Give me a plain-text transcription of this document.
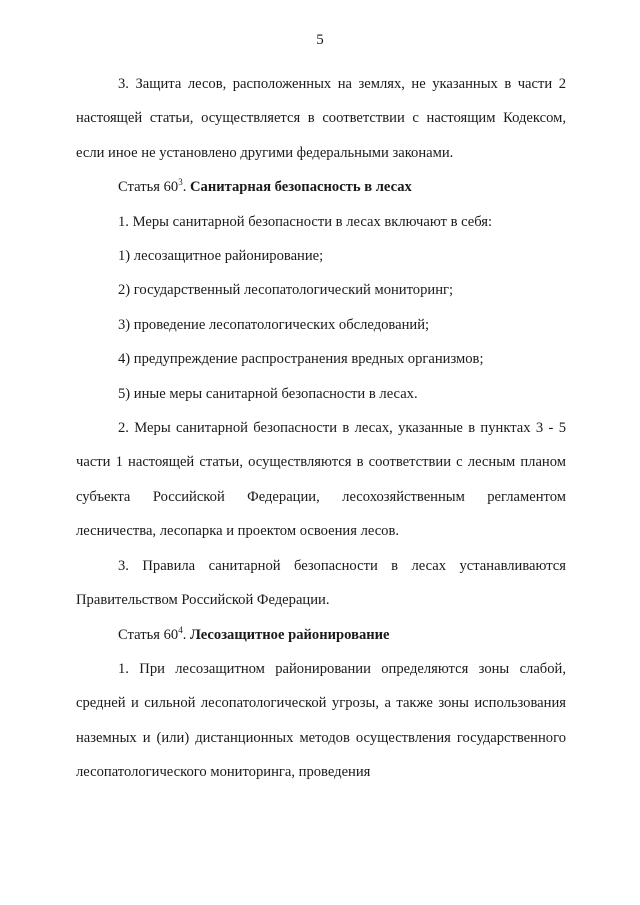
5

3. Защита лесов, расположенных на землях, не указанных в части 2 настоящей статьи, осуществляется в соответствии с настоящим Кодексом, если иное не установлено другими федеральными законами.

Статья $60^3$. Санитарная безопасность в лесах

1. Меры санитарной безопасности в лесах включают в себя:

1) лесозащитное районирование;

2) государственный лесопатологический мониторинг;

3) проведение лесопатологических обследований;

4) предупреждение распространения вредных организмов;

5) иные меры санитарной безопасности в лесах.

2. Меры санитарной безопасности в лесах, указанные в пунктах 3 - 5 части 1 настоящей статьи, осуществляются в соответствии с лесным планом субъекта Российской Федерации, лесохозяйственным регламентом лесничества, лесопарка и проектом освоения лесов.

3. Правила санитарной безопасности в лесах устанавливаются Правительством Российской Федерации.

Статья $60^4$. Лесозащитное районирование

1. При лесозащитном районировании определяются зоны слабой, средней и сильной лесопатологической угрозы, а также зоны использования наземных и (или) дистанционных методов осуществления государственного лесопатологического мониторинга, проведения
